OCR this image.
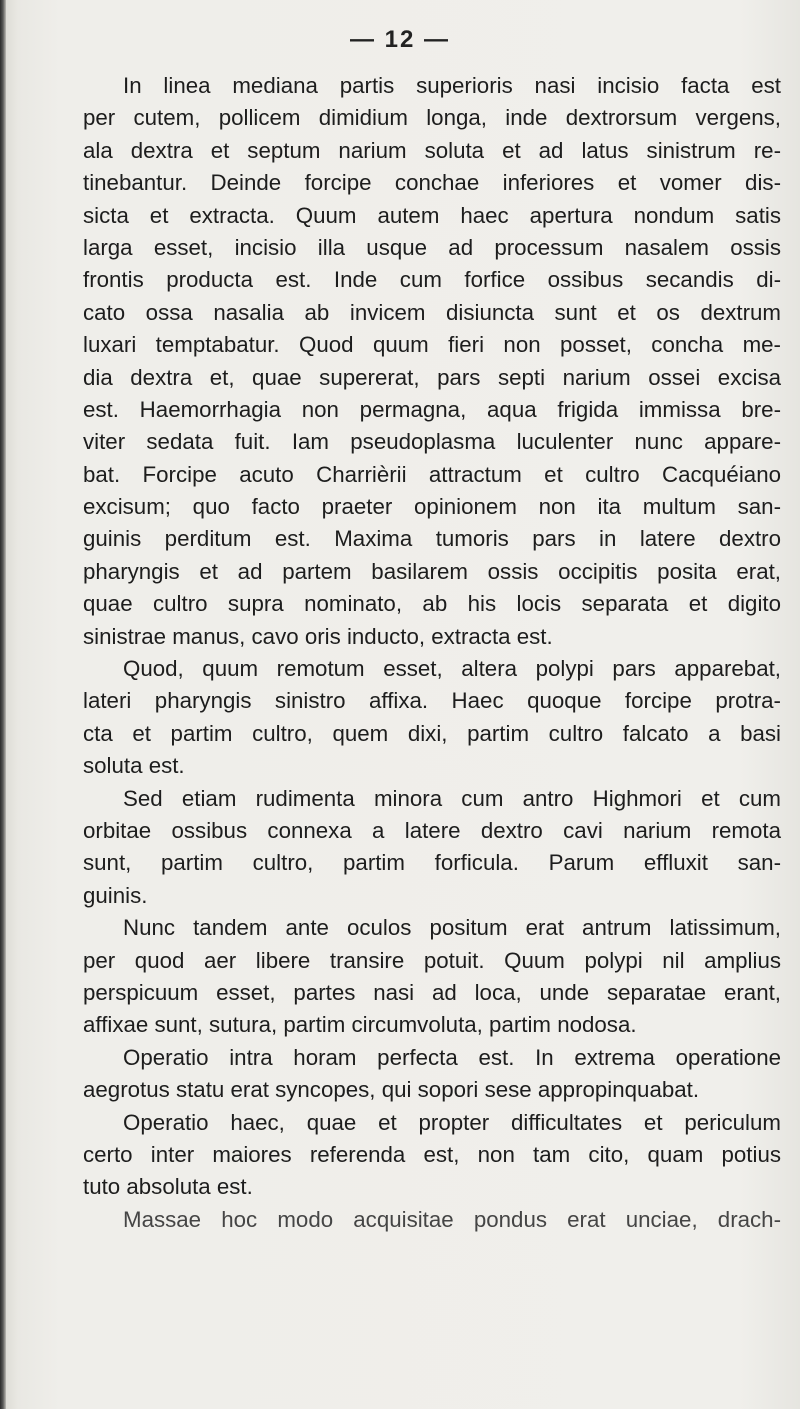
— 12 —
In linea mediana partis superioris nasi incisio facta est
per cutem, pollicem dimidium longa, inde dextrorsum vergens,
ala dextra et septum narium soluta et ad latus sinistrum re-
tinebantur. Deinde forcipe conchae inferiores et vomer dis-
sicta et extracta. Quum autem haec apertura nondum satis
larga esset, incisio illa usque ad processum nasalem ossis
frontis producta est. Inde cum forfice ossibus secandis di-
cato ossa nasalia ab invicem disiuncta sunt et os dextrum
luxari temptabatur. Quod quum fieri non posset, concha me-
dia dextra et, quae supererat, pars septi narium ossei excisa
est. Haemorrhagia non permagna, aqua frigida immissa bre-
viter sedata fuit. Iam pseudoplasma luculenter nunc appare-
bat. Forcipe acuto Charrièrii attractum et cultro Cacquéiano
excisum; quo facto praeter opinionem non ita multum san-
guinis perditum est. Maxima tumoris pars in latere dextro
pharyngis et ad partem basilarem ossis occipitis posita erat,
quae cultro supra nominato, ab his locis separata et digito
sinistrae manus, cavo oris inducto, extracta est.
Quod, quum remotum esset, altera polypi pars apparebat,
lateri pharyngis sinistro affixa. Haec quoque forcipe protra-
cta et partim cultro, quem dixi, partim cultro falcato a basi
soluta est.
Sed etiam rudimenta minora cum antro Highmori et cum
orbitae ossibus connexa a latere dextro cavi narium remota
sunt, partim cultro, partim forficula. Parum effluxit san-
guinis.
Nunc tandem ante oculos positum erat antrum latissimum,
per quod aer libere transire potuit. Quum polypi nil amplius
perspicuum esset, partes nasi ad loca, unde separatae erant,
affixae sunt, sutura, partim circumvoluta, partim nodosa.
Operatio intra horam perfecta est. In extrema operatione
aegrotus statu erat syncopes, qui sopori sese appropinquabat.
Operatio haec, quae et propter difficultates et periculum
certo inter maiores referenda est, non tam cito, quam potius
tuto absoluta est.
Massae hoc modo acquisitae pondus erat unciae, drach-
